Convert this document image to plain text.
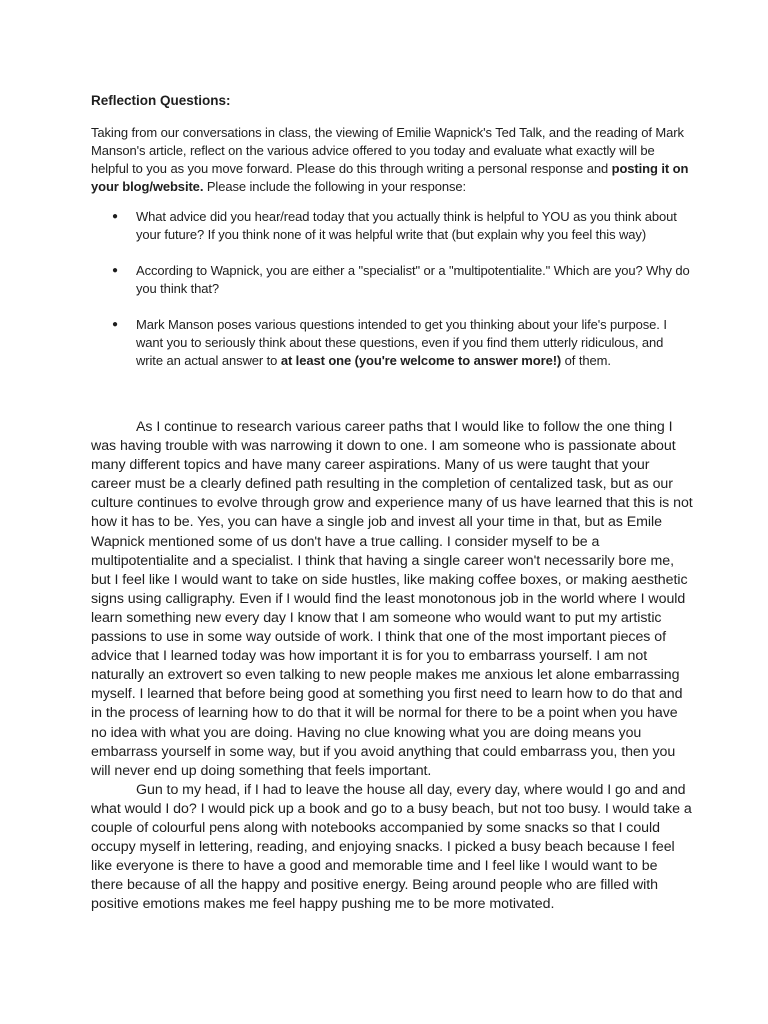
Reflection Questions:

Taking from our conversations in class, the viewing of Emilie Wapnick's Ted Talk, and the reading of Mark Manson's article, reflect on the various advice offered to you today and evaluate what exactly will be helpful to you as you move forward. Please do this through writing a personal response and posting it on your blog/website. Please include the following in your response:

● What advice did you hear/read today that you actually think is helpful to YOU as you think about your future? If you think none of it was helpful write that (but explain why you feel this way)
● According to Wapnick, you are either a "specialist" or a "multipotentialite." Which are you? Why do you think that?
● Mark Manson poses various questions intended to get you thinking about your life's purpose. I want you to seriously think about these questions, even if you find them utterly ridiculous, and write an actual answer to at least one (you're welcome to answer more!) of them.

As I continue to research various career paths that I would like to follow the one thing I was having trouble with was narrowing it down to one. I am someone who is passionate about many different topics and have many career aspirations. Many of us were taught that your career must be a clearly defined path resulting in the completion of centalized task, but as our culture continues to evolve through grow and experience many of us have learned that this is not how it has to be. Yes, you can have a single job and invest all your time in that, but as Emile Wapnick mentioned some of us don't have a true calling. I consider myself to be a multipotentialite and a specialist. I think that having a single career won't necessarily bore me, but I feel like I would want to take on side hustles, like making coffee boxes, or making aesthetic signs using calligraphy. Even if I would find the least monotonous job in the world where I would learn something new every day I know that I am someone who would want to put my artistic passions to use in some way outside of work. I think that one of the most important pieces of advice that I learned today was how important it is for you to embarrass yourself. I am not naturally an extrovert so even talking to new people makes me anxious let alone embarrassing myself. I learned that before being good at something you first need to learn how to do that and in the process of learning how to do that it will be normal for there to be a point when you have no idea with what you are doing. Having no clue knowing what you are doing means you embarrass yourself in some way, but if you avoid anything that could embarrass you, then you will never end up doing something that feels important.

Gun to my head, if I had to leave the house all day, every day, where would I go and and what would I do? I would pick up a book and go to a busy beach, but not too busy. I would take a couple of colourful pens along with notebooks accompanied by some snacks so that I could occupy myself in lettering, reading, and enjoying snacks. I picked a busy beach because I feel like everyone is there to have a good and memorable time and I feel like I would want to be there because of all the happy and positive energy. Being around people who are filled with positive emotions makes me feel happy pushing me to be more motivated.
